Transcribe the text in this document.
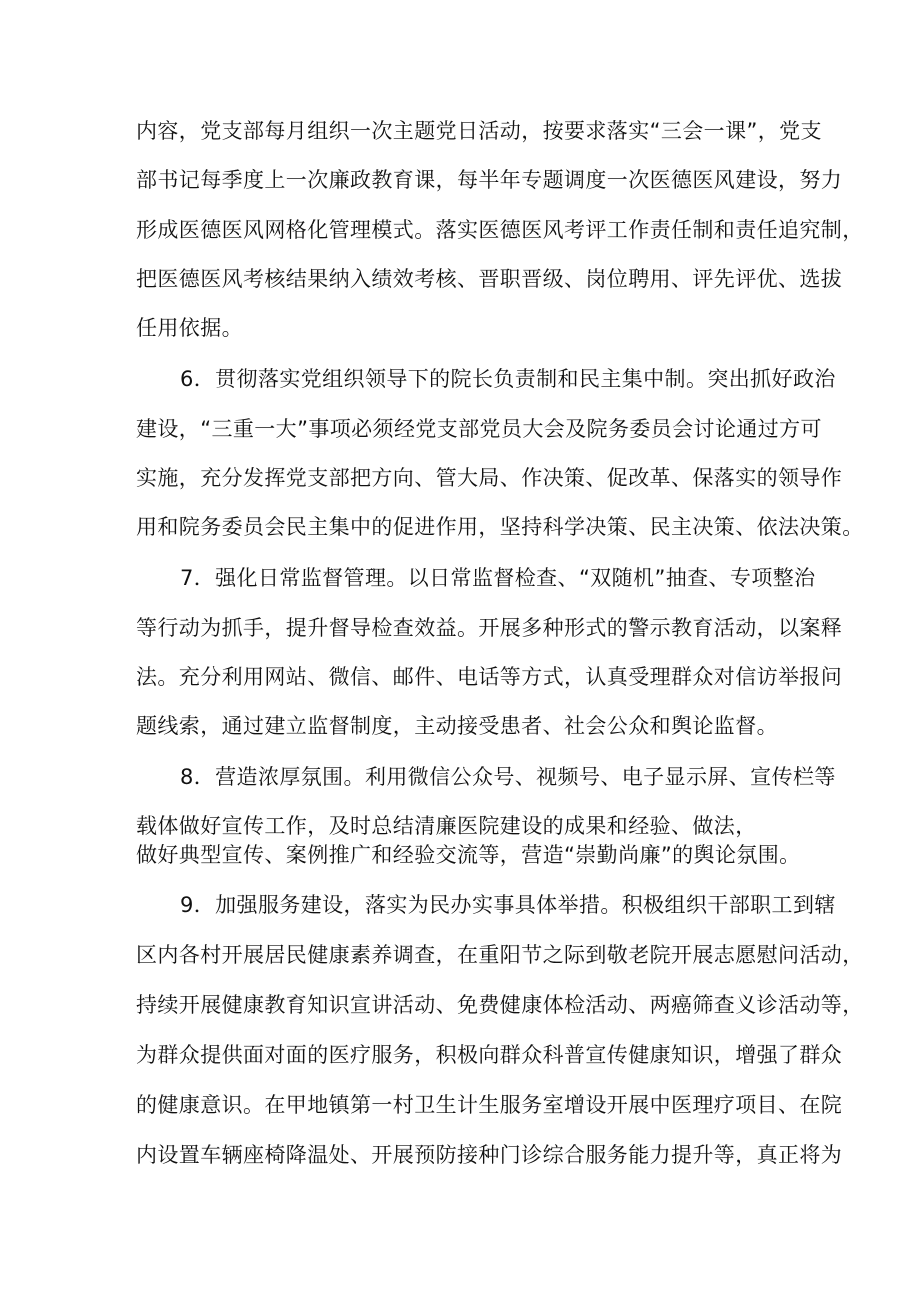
内容，党支部每月组织一次主题党日活动，按要求落实“三会一课”，党支
部书记每季度上一次廉政教育课，每半年专题调度一次医德医风建设，努力
形成医德医风网格化管理模式。落实医德医风考评工作责任制和责任追究制，
把医德医风考核结果纳入绩效考核、晋职晋级、岗位聘用、评先评优、选拔
任用依据。
6．贯彻落实党组织领导下的院长负责制和民主集中制。突出抓好政治
建设，“三重一大”事项必须经党支部党员大会及院务委员会讨论通过方可
实施，充分发挥党支部把方向、管大局、作决策、促改革、保落实的领导作
用和院务委员会民主集中的促进作用，坚持科学决策、民主决策、依法决策。
7．强化日常监督管理。以日常监督检查、“双随机”抽查、专项整治
等行动为抓手，提升督导检查效益。开展多种形式的警示教育活动，以案释
法。充分利用网站、微信、邮件、电话等方式，认真受理群众对信访举报问
题线索，通过建立监督制度，主动接受患者、社会公众和舆论监督。
8．营造浓厚氛围。利用微信公众号、视频号、电子显示屏、宣传栏等
载体做好宣传工作，及时总结清廉医院建设的成果和经验、做法，
做好典型宣传、案例推广和经验交流等，营造“崇勤尚廉”的舆论氛围。
9．加强服务建设，落实为民办实事具体举措。积极组织干部职工到辖
区内各村开展居民健康素养调查，在重阳节之际到敬老院开展志愿慰问活动，
持续开展健康教育知识宣讲活动、免费健康体检活动、两癌筛查义诊活动等，
为群众提供面对面的医疗服务，积极向群众科普宣传健康知识，增强了群众
的健康意识。在甲地镇第一村卫生计生服务室增设开展中医理疗项目、在院
内设置车辆座椅降温处、开展预防接种门诊综合服务能力提升等，真正将为
